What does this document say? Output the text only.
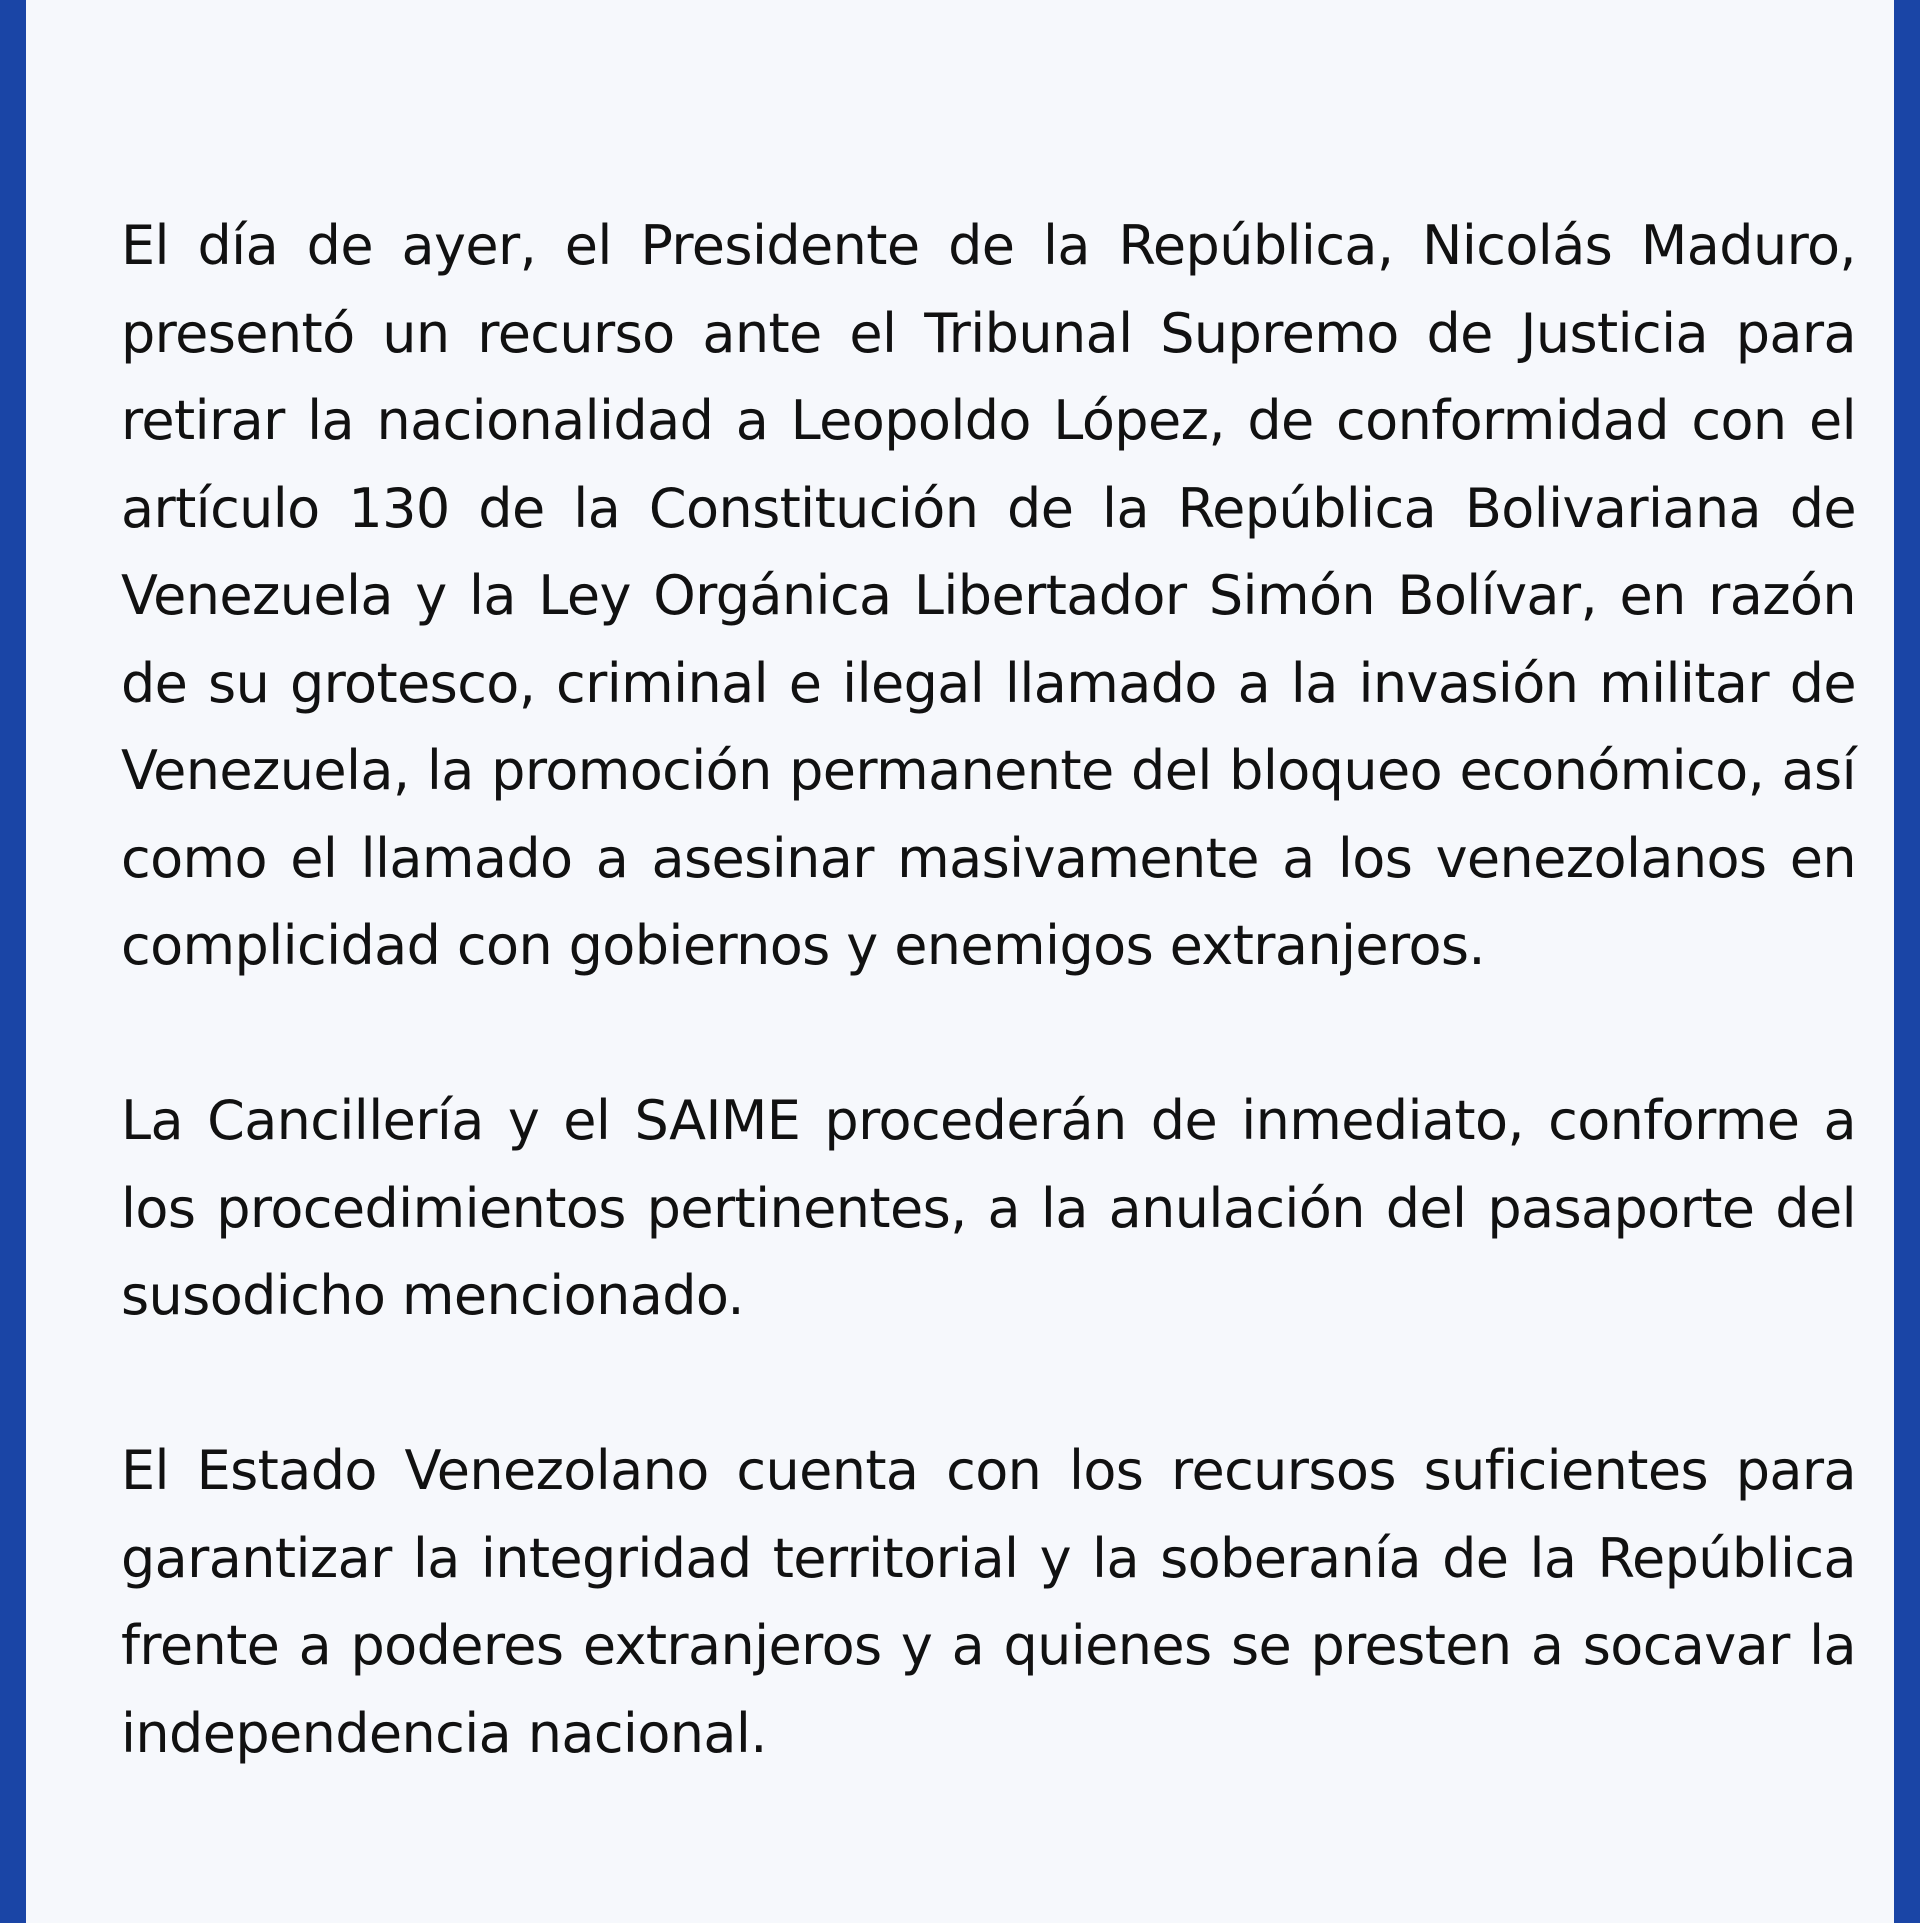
El día de ayer, el Presidente de la República, Nicolás Maduro, presentó un recurso ante el Tribunal Supremo de Justicia para retirar la nacionalidad a Leopoldo López, de conformidad con el artículo 130 de la Constitución de la República Bolivariana de Venezuela y la Ley Orgánica Libertador Simón Bolívar, en razón de su grotesco, criminal e ilegal llamado a la invasión militar de Venezuela, la promoción permanente del bloqueo económico, así como el llamado a asesinar masivamente a los venezolanos en complicidad con gobiernos y enemigos extranjeros.

La Cancillería y el SAIME procederán de inmediato, conforme a los procedimientos pertinentes, a la anulación del pasaporte del susodicho mencionado.

El Estado Venezolano cuenta con los recursos suficientes para garantizar la integridad territorial y la soberanía de la República frente a poderes extranjeros y a quienes se presten a socavar la independencia nacional.
